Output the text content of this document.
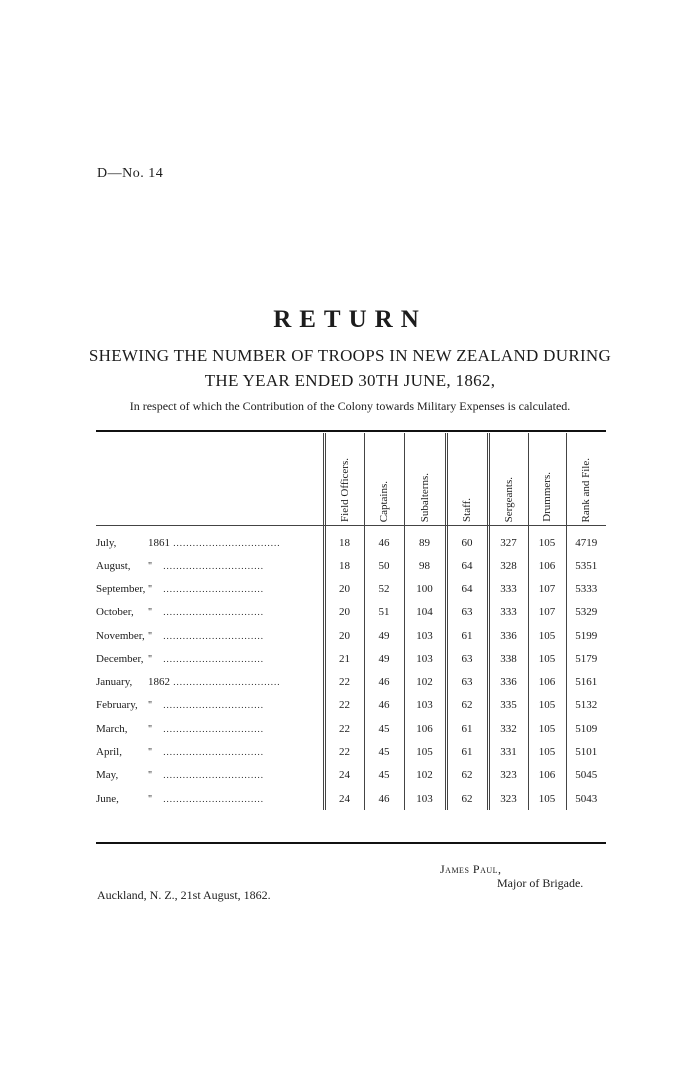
D—No. 14
RETURN
SHEWING THE NUMBER OF TROOPS IN NEW ZEALAND DURING
THE YEAR ENDED 30TH JUNE, 1862,
In respect of which the Contribution of the Colony towards Military Expenses is calculated.
	Field Officers.	Captains.	Subalterns.	Staff.	Sergeants.	Drummers.	Rank and File.
July, 1861 .................................	18	46	89	60	327	105	4719
August, " ...............................	18	50	98	64	328	106	5351
September, " ...............................	20	52	100	64	333	107	5333
October, " ...............................	20	51	104	63	333	107	5329
November, " ...............................	20	49	103	61	336	105	5199
December, " ...............................	21	49	103	63	338	105	5179
January, 1862 .................................	22	46	102	63	336	106	5161
February, " ...............................	22	46	103	62	335	105	5132
March, " ...............................	22	45	106	61	332	105	5109
April, " ...............................	22	45	105	61	331	105	5101
May, " ...............................	24	45	102	62	323	106	5045
June, " ...............................	24	46	103	62	323	105	5043
James Paul,
Major of Brigade.
Auckland, N. Z., 21st August, 1862.
